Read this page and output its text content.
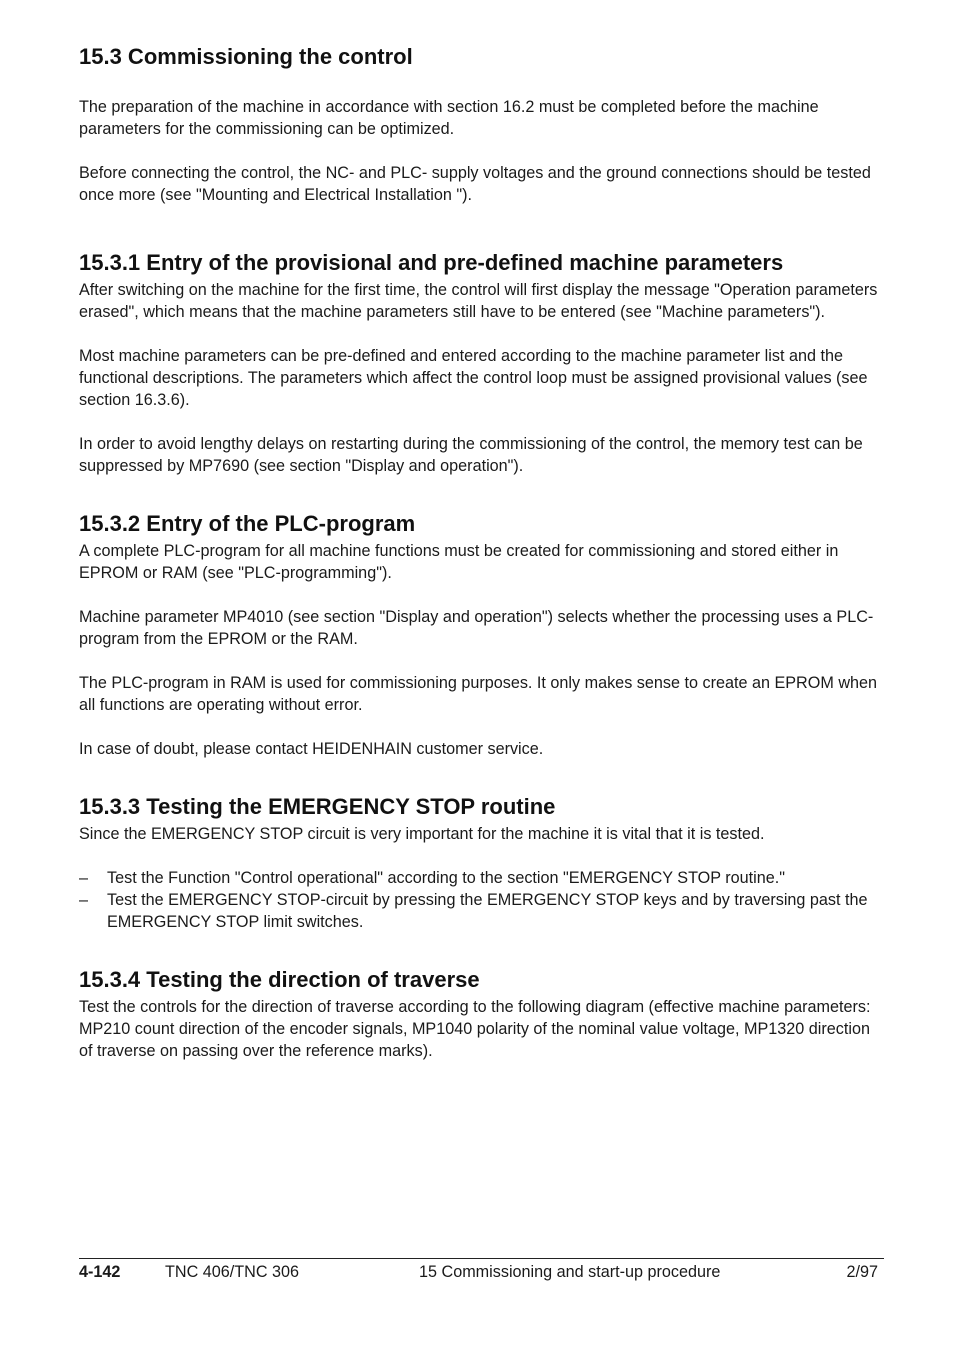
15.3 Commissioning the control

The preparation of the machine in accordance with section 16.2 must be completed before the machine parameters for the commissioning can be optimized.

Before connecting the control, the NC- and PLC- supply voltages and the ground connections should be tested once more (see "Mounting and Electrical Installation ").

15.3.1 Entry of the provisional and pre-defined machine parameters

After switching on the machine for the first time, the control will first display the message "Operation parameters erased", which means that the machine parameters still have to be entered (see "Machine parameters").

Most machine parameters can be pre-defined and entered according to the machine parameter list and the functional descriptions. The parameters which affect the control loop must be assigned provisional values (see section 16.3.6).

In order to avoid lengthy delays on restarting during the commissioning of the control, the memory test can be suppressed by MP7690 (see section "Display and operation").

15.3.2 Entry of the PLC-program

A complete PLC-program for all machine functions must be created for commissioning and stored either in EPROM or RAM (see "PLC-programming").

Machine parameter MP4010 (see section "Display and operation") selects whether the processing uses a PLC-program from the EPROM or the RAM.

The PLC-program in RAM is used for commissioning purposes. It only makes sense to create an EPROM when all functions are operating without error.

In case of doubt, please contact HEIDENHAIN customer service.

15.3.3 Testing the EMERGENCY STOP routine

Since the EMERGENCY STOP circuit is very important for the machine it is vital that it is tested.

– Test the Function "Control operational" according to the section "EMERGENCY STOP routine."
– Test the EMERGENCY STOP-circuit by pressing the EMERGENCY STOP keys and by traversing past the EMERGENCY STOP limit switches.
15.3.4 Testing the direction of traverse

Test the controls for the direction of traverse according to the following diagram (effective machine parameters: MP210 count direction of the encoder signals, MP1040 polarity of the nominal value voltage, MP1320 direction of traverse on passing over the reference marks).

4-142	TNC 406/TNC 306	15 Commissioning and start-up procedure	2/97
